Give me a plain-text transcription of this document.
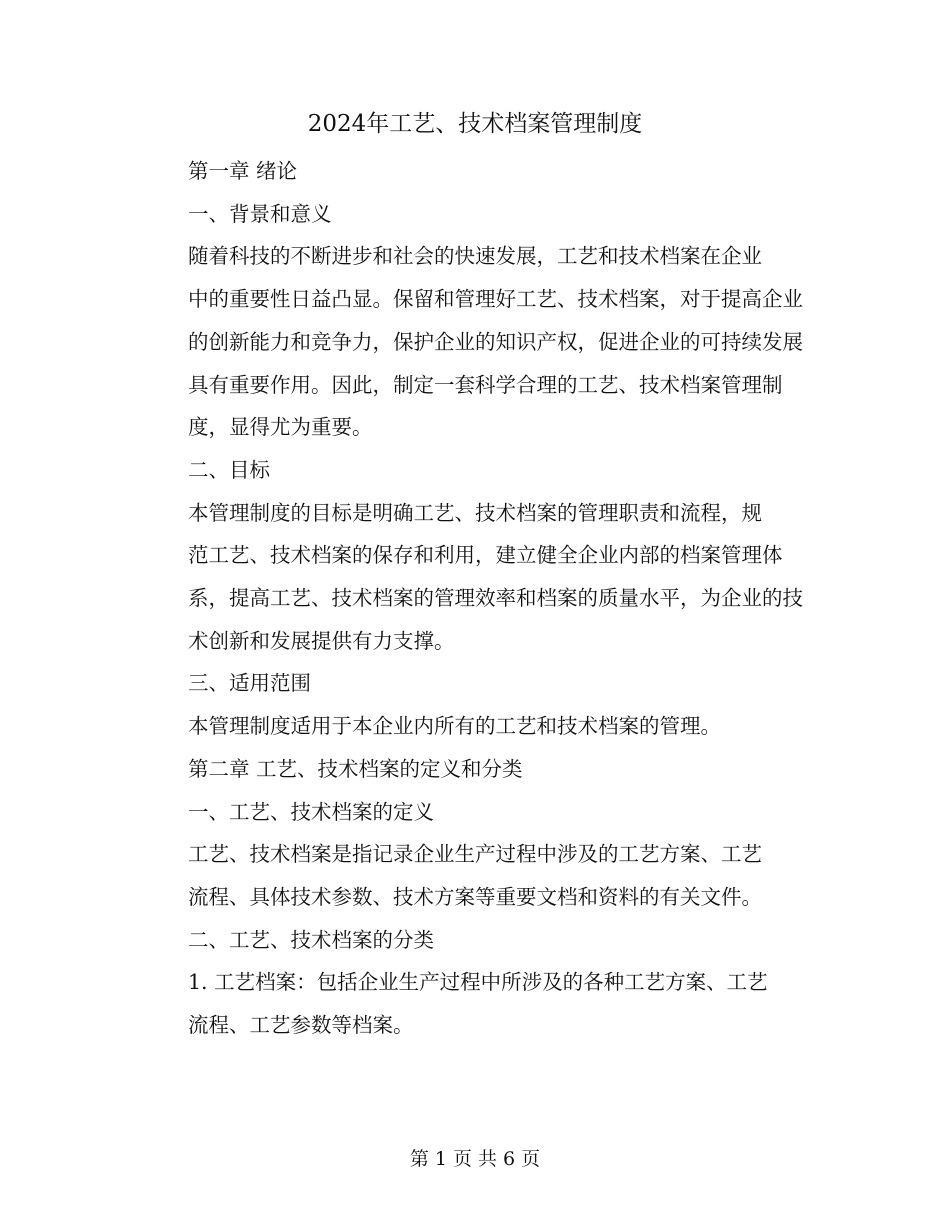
2024年工艺、技术档案管理制度

第一章 绪论

一、背景和意义

随着科技的不断进步和社会的快速发展，工艺和技术档案在企业
中的重要性日益凸显。保留和管理好工艺、技术档案，对于提高企业
的创新能力和竞争力，保护企业的知识产权，促进企业的可持续发展
具有重要作用。因此，制定一套科学合理的工艺、技术档案管理制
度，显得尤为重要。

二、目标

本管理制度的目标是明确工艺、技术档案的管理职责和流程，规
范工艺、技术档案的保存和利用，建立健全企业内部的档案管理体
系，提高工艺、技术档案的管理效率和档案的质量水平，为企业的技
术创新和发展提供有力支撑。

三、适用范围

本管理制度适用于本企业内所有的工艺和技术档案的管理。

第二章 工艺、技术档案的定义和分类

一、工艺、技术档案的定义

工艺、技术档案是指记录企业生产过程中涉及的工艺方案、工艺
流程、具体技术参数、技术方案等重要文档和资料的有关文件。

二、工艺、技术档案的分类

1. 工艺档案：包括企业生产过程中所涉及的各种工艺方案、工艺
流程、工艺参数等档案。

第 1 页 共 6 页
